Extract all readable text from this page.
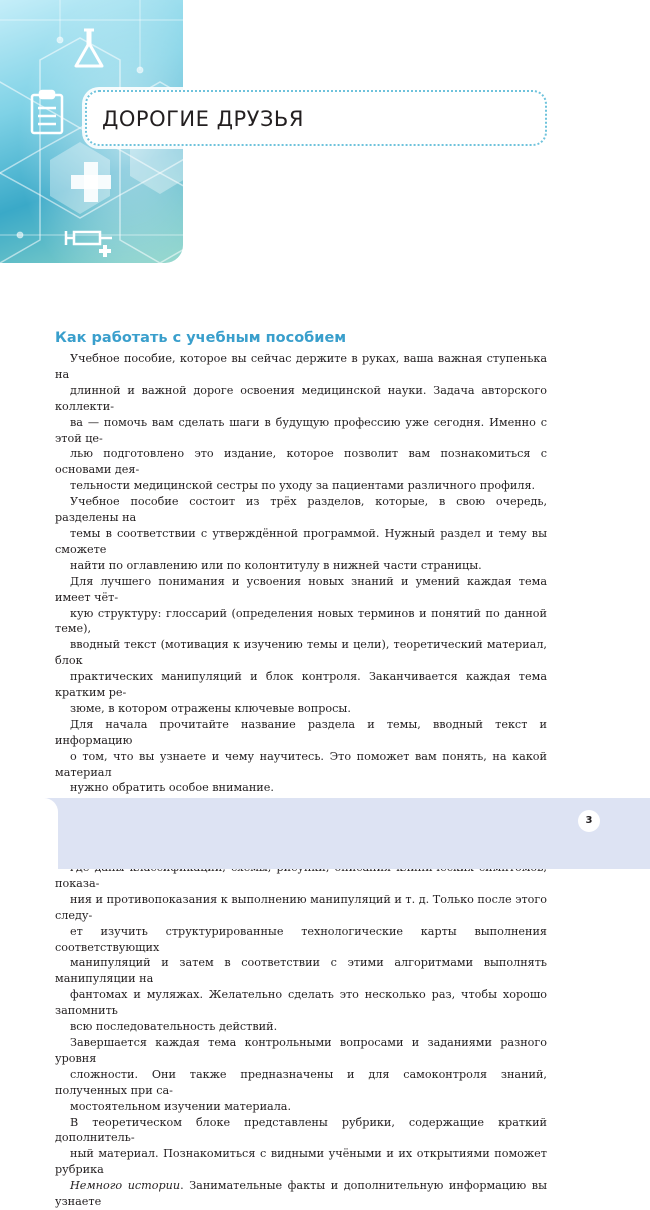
ДОРОГИЕ ДРУЗЬЯ
Как работать с учебным пособием

Учебное пособие, которое вы сейчас держите в руках, ваша важная ступенька на
длинной и важной дороге освоения медицинской науки. Задача авторского коллекти-
ва — помочь вам сделать шаги в будущую профессию уже сегодня. Именно с этой це-
лью подготовлено это издание, которое позволит вам познакомиться с основами дея-
тельности медицинской сестры по уходу за пациентами различного профиля.

Учебное пособие состоит из трёх разделов, которые, в свою очередь, разделены на
темы в соответствии с утверждённой программой. Нужный раздел и тему вы сможете
найти по оглавлению или по колонтитулу в нижней части страницы.

Для лучшего понимания и усвоения новых знаний и умений каждая тема имеет чёт-
кую структуру: глоссарий (определения новых терминов и понятий по данной теме),
вводный текст (мотивация к изучению темы и цели), теоретический материал, блок
практических манипуляций и блок контроля. Заканчивается каждая тема кратким ре-
зюме, в котором отражены ключевые вопросы.

Для начала прочитайте название раздела и темы, вводный текст и информацию
о том, что вы узнаете и чему научитесь. Это поможет вам понять, на какой материал
нужно обратить особое внимание.

показа-
ния и противопоказания к выполнению манипуляций и т. д. Только после этого следу-
ет изучить структурированные технологические карты выполнения соответствующих
манипуляций и затем в соответствии с этими алгоритмами выполнять манипуляции на
фантомах и муляжах. Желательно сделать это несколько раз, чтобы хорошо запомнить
всю последовательность действий.

Завершается каждая тема контрольными вопросами и заданиями разного уровня
сложности. Они также предназначены и для самоконтроля знаний, полученных при са-
мостоятельном изучении материала.

В теоретическом блоке представлены рубрики, содержащие краткий дополнитель-
ный материал. Познакомиться с видными учёными и их открытиями поможет рубрика
Немного истории. Занимательные факты и дополнительную информацию вы узнаете

3
